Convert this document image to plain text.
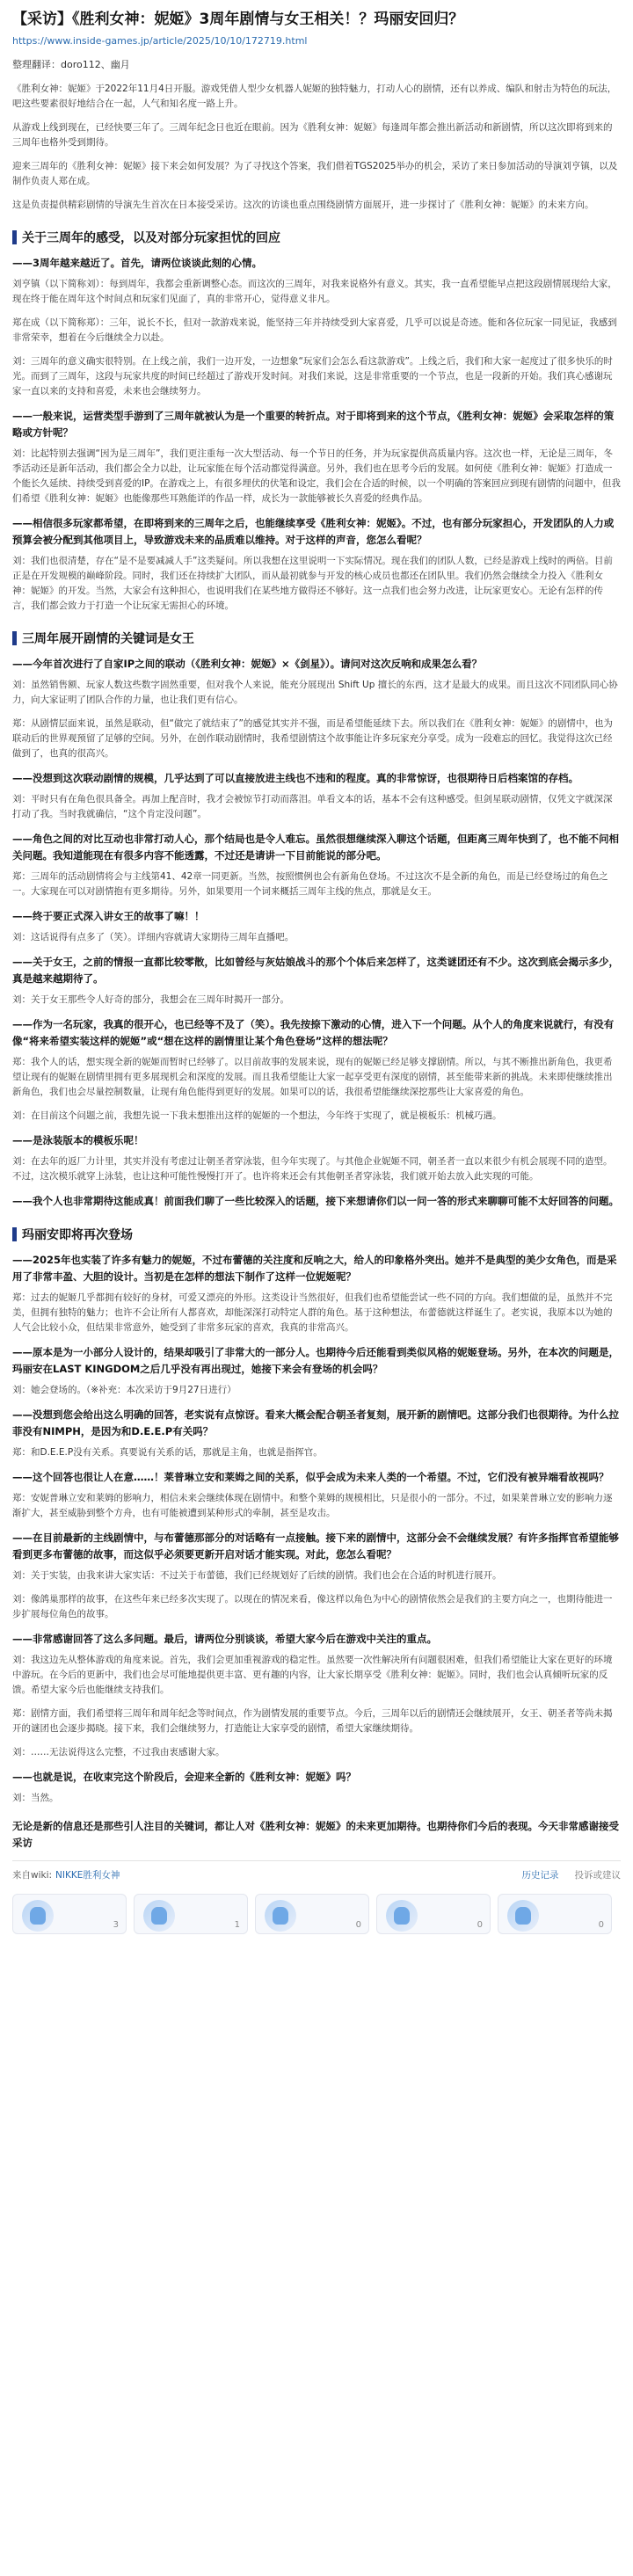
【采访】《胜利女神：妮姬》3周年剧情与女王相关！？玛丽安回归？
https://www.inside-games.jp/article/2025/10/10/172719.html
整理翻译：doro112、幽月

《胜利女神：妮姬》于2022年11月4日开服。游戏凭借人型少女机器人妮姬的独特魅力，打动人心的剧情，还有以养成、编队和射击为特色的玩法，吧这些要素很好地结合在一起，人气和知名度一路上升。

从游戏上线到现在，已经快要三年了。三周年纪念日也近在眼前。因为《胜利女神：妮姬》每逢周年都会推出新活动和新剧情，所以这次即将到来的三周年也格外受到期待。

迎来三周年的《胜利女神：妮姬》接下来会如何发展？为了寻找这个答案，我们借着TGS2025举办的机会，采访了来日参加活动的导演刘亨镇，以及制作负责人郑在成。

这是负责提供精彩剧情的导演先生首次在日本接受采访。这次的访谈也重点围绕剧情方面展开，进一步探讨了《胜利女神：妮姬》的未来方向。

关于三周年的感受，以及对部分玩家担忧的回应

——3周年越来越近了。首先，请两位谈谈此刻的心情。

刘亨镇（以下简称刘）：每到周年，我都会重新调整心态。而这次的三周年，对我来说格外有意义。其实，我一直希望能早点把这段剧情展现给大家，现在终于能在周年这个时间点和玩家们见面了，真的非常开心，觉得意义非凡。

郑在成（以下简称郑）：三年，说长不长，但对一款游戏来说，能坚持三年并持续受到大家喜爱，几乎可以说是奇迹。能和各位玩家一同见证，我感到非常荣幸，想着在今后继续全力以赴。

刘：三周年的意义确实很特别。在上线之前，我们一边开发，一边想象“玩家们会怎么看这款游戏”。上线之后，我们和大家一起度过了很多快乐的时光。而到了三周年，这段与玩家共度的时间已经超过了游戏开发时间。对我们来说，这是非常重要的一个节点，也是一段新的开始。我们真心感谢玩家一直以来的支持和喜爱，未来也会继续努力。

——一般来说，运营类型手游到了三周年就被认为是一个重要的转折点。对于即将到来的这个节点，《胜利女神：妮姬》会采取怎样的策略或方针呢？

刘：比起特别去强调“因为是三周年”，我们更注重每一次大型活动、每一个节日的任务，并为玩家提供高质量内容。这次也一样，无论是三周年，冬季活动还是新年活动，我们都会全力以赴，让玩家能在每个活动都觉得满意。另外，我们也在思考今后的发展。如何使《胜利女神：妮姬》打造成一个能长久延续、持续受到喜爱的IP。在游戏之上，有很多埋伏的伏笔和设定，我们会在合适的时候，以一个明确的答案回应到现有剧情的问题中，但我们希望《胜利女神：妮姬》也能像那些耳熟能详的作品一样，成长为一款能够被长久喜爱的经典作品。

——相信很多玩家都希望，在即将到来的三周年之后，也能继续享受《胜利女神：妮姬》。不过，也有部分玩家担心，开发团队的人力或预算会被分配到其他项目上，导致游戏未来的品质难以维持。对于这样的声音，您怎么看呢？

刘：我们也很清楚，存在“是不是要减减人手”这类疑问。所以我想在这里说明一下实际情况。现在我们的团队人数，已经是游戏上线时的两倍。目前正是在开发规模的巅峰阶段。同时，我们还在持续扩大团队，而从最初就参与开发的核心成员也都还在团队里。我们仍然会继续全力投入《胜利女神：妮姬》的开发。当然，大家会有这种担心，也说明我们在某些地方做得还不够好。这一点我们也会努力改进，让玩家更安心。无论有怎样的传言，我们都会致力于打造一个让玩家无需担心的环境。

三周年展开剧情的关键词是女王

——今年首次进行了自家IP之间的联动（《胜利女神：妮姬》×《剑星》）。请问对这次反响和成果怎么看？

刘：虽然销售额、玩家人数这些数字固然重要，但对我个人来说，能充分展现出 Shift Up 擅长的东西，这才是最大的成果。而且这次不同团队同心协力，向大家证明了团队合作的力量，也让我们更有信心。

郑：从剧情层面来说，虽然是联动，但“做完了就结束了”的感觉其实并不强，而是希望能延续下去。所以我们在《胜利女神：妮姬》的剧情中，也为联动后的世界观预留了足够的空间。另外，在创作联动剧情时，我希望剧情这个故事能让许多玩家充分享受。成为一段难忘的回忆。我觉得这次已经做到了，也真的很高兴。

——没想到这次联动剧情的规模，几乎达到了可以直接放进主线也不违和的程度。真的非常惊讶，也很期待日后档案馆的存档。

刘：平时只有在角色很具备全。再加上配音时，我才会被惊节打动而落泪。单看文本的话，基本不会有这种感受。但剑星联动剧情，仅凭文字就深深打动了我。当时我就确信，“这个肯定没问题”。

——角色之间的对比互动也非常打动人心，那个结局也是令人难忘。虽然很想继续深入聊这个话题，但距离三周年快到了，也不能不问相关问题。我知道能现在有很多内容不能透露，不过还是请讲一下目前能说的部分吧。

郑：三周年的活动剧情将会与主线第41、42章一同更新。当然，按照惯例也会有新角色登场。不过这次不是全新的角色，而是已经登场过的角色之一。大家现在可以对剧情抱有更多期待。另外，如果要用一个词来概括三周年主线的焦点，那就是女王。

——终于要正式深入讲女王的故事了嘛！！

刘：这话说得有点多了（笑）。详细内容就请大家期待三周年直播吧。

——关于女王，之前的情报一直都比较零散，比如曾经与灰姑娘战斗的那个个体后来怎样了，这类谜团还有不少。这次到底会揭示多少，真是越来越期待了。

刘：关于女王那些令人好奇的部分，我想会在三周年时揭开一部分。

——作为一名玩家，我真的很开心，也已经等不及了（笑）。我先按捺下激动的心情，进入下一个问题。从个人的角度来说就行，有没有像“将来希望实装这样的妮姬”或“想在这样的剧情里让某个角色登场”这样的想法呢？

郑：我个人的话，想实现全新的妮姬而暂时已经够了。以目前故事的发展来说，现有的妮姬已经足够支撑剧情。所以，与其不断推出新角色，我更希望让现有的妮姬在剧情里拥有更多展现机会和深度的发展。而且我希望能让大家一起享受更有深度的剧情，甚至能带来新的挑战。未来即使继续推出新角色，我们也会尽量控制数量，让现有角色能得到更好的发展。如果可以的话，我很希望能继续深挖那些让大家喜爱的角色。

刘：在目前这个问题之前，我想先说一下我未想推出这样的妮姬的一个想法，今年终于实现了，就是模板乐：机械巧遇。

——是泳装版本的模板乐呢！

刘：在去年的返厂力计里，其实并没有考虑过让朝圣者穿泳装，但今年实现了。与其他企业妮姬不同，朝圣者一直以来很少有机会展现不同的造型。不过，这次模乐就穿上泳装，也让这种可能性慢慢打开了。也许将来还会有其他朝圣者穿泳装，我们就开始去放入此实现的可能。

——我个人也非常期待这能成真！前面我们聊了一些比较深入的话题，接下来想请你们以一问一答的形式来聊聊可能不太好回答的问题。

玛丽安即将再次登场

——2025年也实装了许多有魅力的妮姬，不过布蕾德的关注度和反响之大，给人的印象格外突出。她并不是典型的美少女角色，而是采用了非常丰盈、大胆的设计。当初是在怎样的想法下制作了这样一位妮姬呢？

郑：过去的妮姬几乎都拥有较好的身材，可爱又漂亮的外形。这类设计当然很好，但我们也希望能尝试一些不同的方向。我们想做的是，虽然并不完美，但拥有独特的魅力；也许不会让所有人都喜欢，却能深深打动特定人群的角色。基于这种想法，布蕾德就这样诞生了。老实说，我原本以为她的人气会比较小众，但结果非常意外，她受到了非常多玩家的喜欢，我真的非常高兴。

——原本是为一小部分人设计的，结果却吸引了非常大的一部分人。也期待今后还能看到类似风格的妮姬登场。另外，在本次的问题是，玛丽安在LAST KINGDOM之后几乎没有再出现过，她接下来会有登场的机会吗？

刘：她会登场的。（※补充：本次采访于9月27日进行）

——没想到您会给出这么明确的回答，老实说有点惊讶。看来大概会配合朝圣者复刻，展开新的剧情吧。这部分我们也很期待。为什么拉菲没有NIMPH，是因为和D.E.E.P有关吗？

郑：和D.E.E.P没有关系。真要说有关系的话，那就是主角，也就是指挥官。

——这个回答也很让人在意……！莱普琳立安和莱姆之间的关系，似乎会成为未来人类的一个希望。不过，它们没有被异端看故视吗？

郑：安妮普琳立安和莱姆的影响力，相信未来会继续体现在剧情中。和整个莱姆的规模相比，只是很小的一部分。不过，如果莱普琳立安的影响力逐渐扩大，甚至威胁到整个方舟，也有可能被遭到某种形式的牵制，甚至是攻击。

——在目前最新的主线剧情中，与布蕾德那部分的对话略有一点接触。接下来的剧情中，这部分会不会继续发展？有许多指挥官希望能够看到更多布蕾德的故事，而这似乎必须要更新开启对话才能实现。对此，您怎么看呢？

刘：关于实装，由我来讲大家实话：不过关于布蕾德，我们已经规划好了后续的剧情。我们也会在合适的时机进行展开。

刘：像鸽巢那样的故事，在这些年来已经多次实现了。以现在的情况来看，像这样以角色为中心的剧情依然会是我们的主要方向之一，也期待能进一步扩展每位角色的故事。

——非常感谢回答了这么多问题。最后，请两位分别谈谈，希望大家今后在游戏中关注的重点。

刘：我这边先从整体游戏的角度来说。首先，我们会更加重视游戏的稳定性。虽然要一次性解决所有问题很困难，但我们希望能让大家在更好的环境中游玩。在今后的更新中，我们也会尽可能地提供更丰富、更有趣的内容，让大家长期享受《胜利女神：妮姬》。同时，我们也会认真倾听玩家的反馈。希望大家今后也能继续支持我们。

郑：剧情方面，我们希望将三周年和周年纪念等时间点，作为剧情发展的重要节点。今后，三周年以后的剧情还会继续展开，女王、朝圣者等尚未揭开的谜团也会逐步揭晓。接下来，我们会继续努力，打造能让大家享受的剧情，希望大家继续期待。

刘：……无法说得这么完整，不过我由衷感谢大家。

——也就是说，在收束完这个阶段后，会迎来全新的《胜利女神：妮姬》吗？

刘：当然。

无论是新的信息还是那些引人注目的关键词，都让人对《胜利女神：妮姬》的未来更加期待。也期待你们今后的表现。今天非常感谢接受采访

来自wiki: NIKKE胜利女神	历史记录 投诉或建议
3	1	0	0	0
